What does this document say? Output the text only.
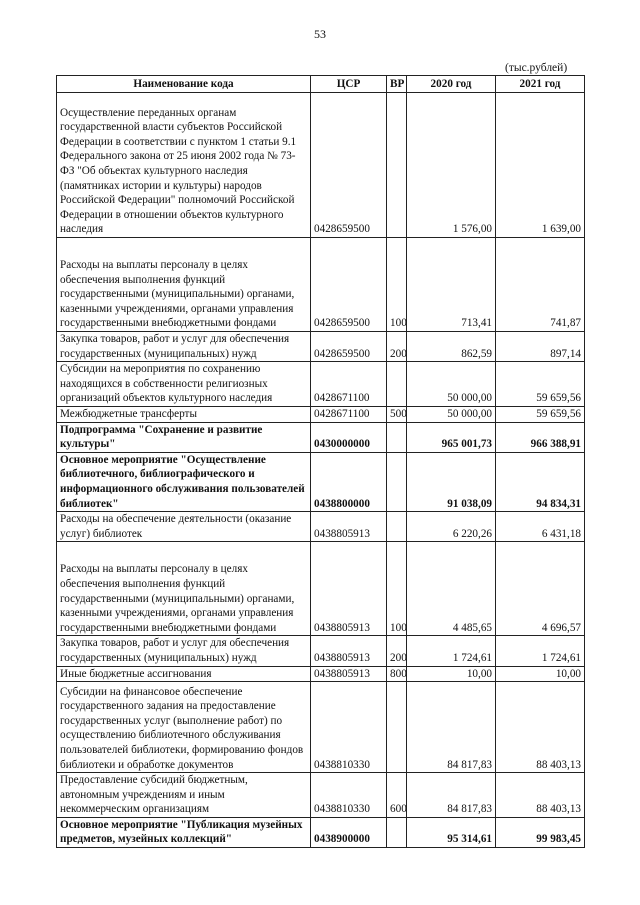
53
(тыс.рублей)
Наименование кода	ЦСР	ВР	2020 год	2021 год
Осуществление переданных органам государственной власти субъектов Российской Федерации в соответствии с пунктом 1 статьи 9.1 Федерального закона от 25 июня 2002 года № 73-ФЗ "Об объектах культурного наследия (памятниках истории и культуры) народов Российской Федерации" полномочий Российской Федерации в отношении объектов культурного наследия	0428659500		1 576,00	1 639,00
Расходы на выплаты персоналу в целях обеспечения выполнения функций государственными (муниципальными) органами, казенными учреждениями, органами управления государственными внебюджетными фондами	0428659500	100	713,41	741,87
Закупка товаров, работ и услуг для обеспечения государственных (муниципальных) нужд	0428659500	200	862,59	897,14
Субсидии на мероприятия по сохранению находящихся в собственности религиозных организаций объектов культурного наследия	0428671100		50 000,00	59 659,56
Межбюджетные трансферты	0428671100	500	50 000,00	59 659,56
Подпрограмма "Сохранение и развитие культуры"	0430000000		965 001,73	966 388,91
Основное мероприятие "Осуществление библиотечного, библиографического и информационного обслуживания пользователей библиотек"	0438800000		91 038,09	94 834,31
Расходы на обеспечение деятельности (оказание услуг) библиотек	0438805913		6 220,26	6 431,18
Расходы на выплаты персоналу в целях обеспечения выполнения функций государственными (муниципальными) органами, казенными учреждениями, органами управления государственными внебюджетными фондами	0438805913	100	4 485,65	4 696,57
Закупка товаров, работ и услуг для обеспечения государственных (муниципальных) нужд	0438805913	200	1 724,61	1 724,61
Иные бюджетные ассигнования	0438805913	800	10,00	10,00
Субсидии на финансовое обеспечение государственного задания на предоставление государственных услуг (выполнение работ) по осуществлению библиотечного обслуживания пользователей библиотеки, формированию фондов библиотеки и обработке документов	0438810330		84 817,83	88 403,13
Предоставление субсидий бюджетным, автономным учреждениям и иным некоммерческим организациям	0438810330	600	84 817,83	88 403,13
Основное мероприятие "Публикация музейных предметов, музейных коллекций"	0438900000		95 314,61	99 983,45
